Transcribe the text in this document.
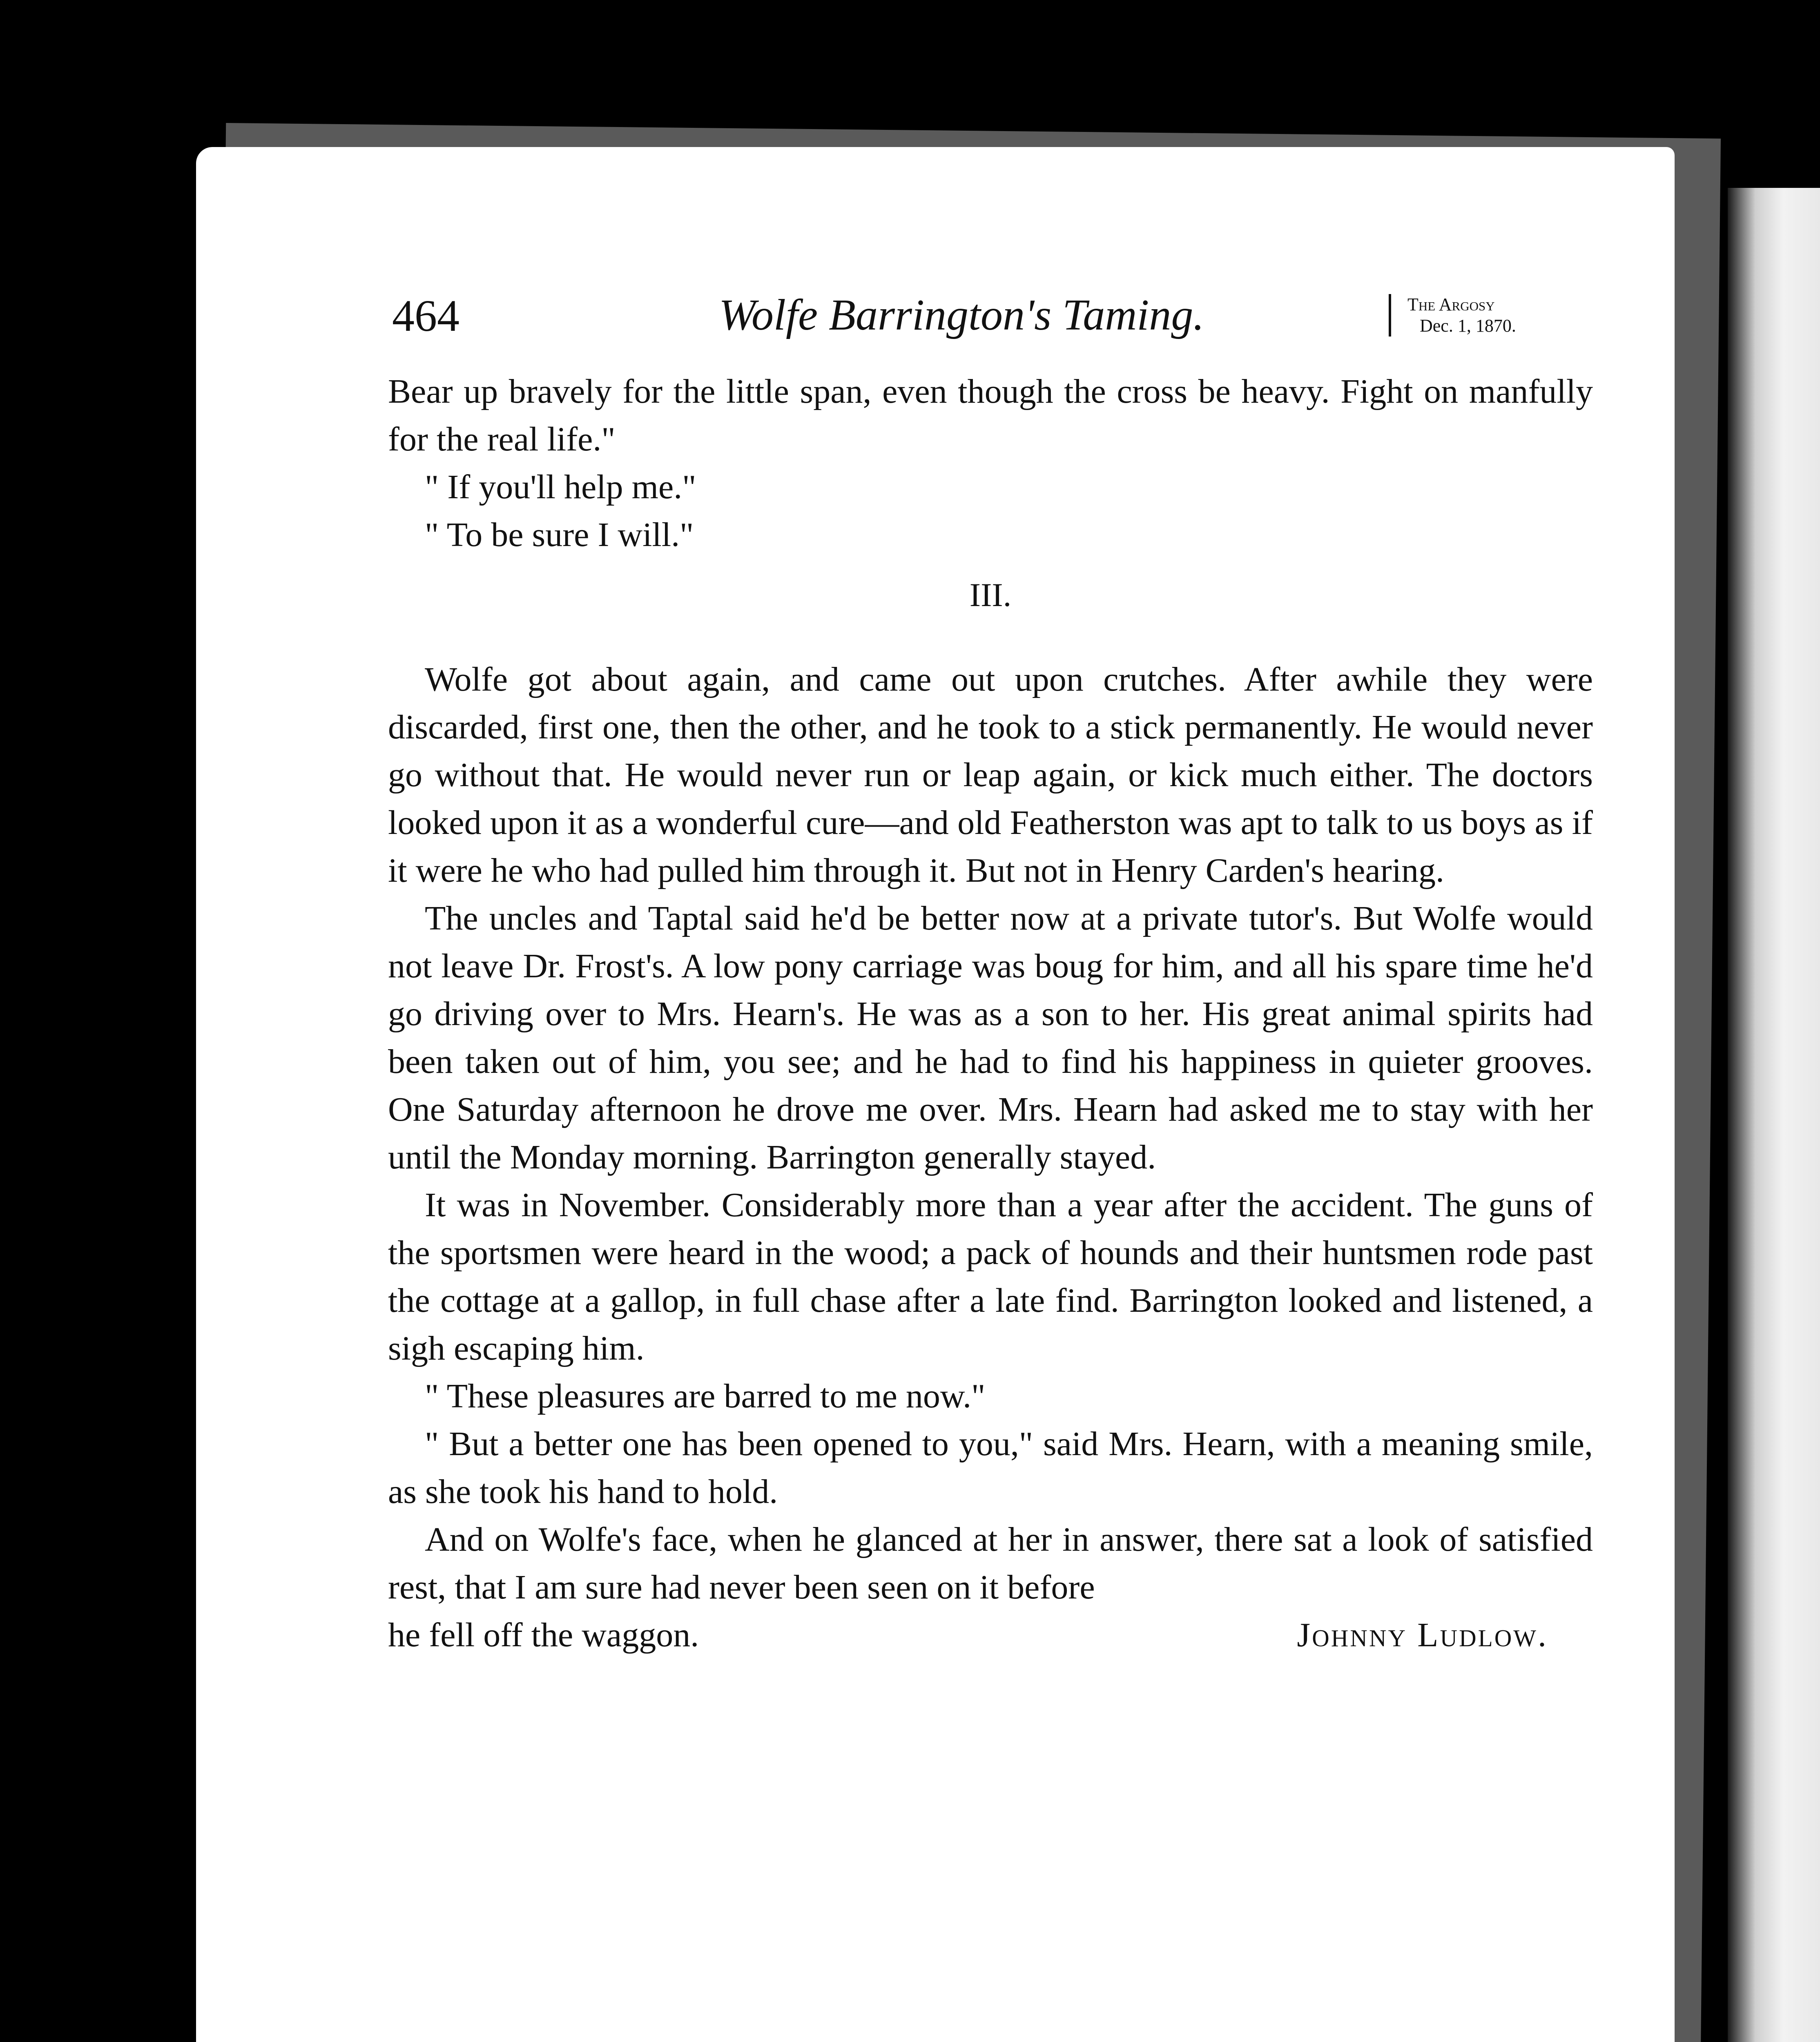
464	Wolfe Barrington's Taming.	The Argosy
Dec. 1, 1870.

Bear up bravely for the little span, even though the cross be heavy. Fight on manfully for the real life."

" If you'll help me."

" To be sure I will."

III.

Wolfe got about again, and came out upon crutches. After awhile they were discarded, first one, then the other, and he took to a stick permanently. He would never go without that. He would never run or leap again, or kick much either. The doctors looked upon it as a wonderful cure—and old Featherston was apt to talk to us boys as if it were he who had pulled him through it. But not in Henry Carden's hearing.

The uncles and Taptal said he'd be better now at a private tutor's. But Wolfe would not leave Dr. Frost's. A low pony carriage was boug for him, and all his spare time he'd go driving over to Mrs. Hearn's. He was as a son to her. His great animal spirits had been taken out of him, you see; and he had to find his happiness in quieter grooves. One Saturday afternoon he drove me over. Mrs. Hearn had asked me to stay with her until the Monday morning. Barrington generally stayed.

It was in November. Considerably more than a year after the accident. The guns of the sportsmen were heard in the wood; a pack of hounds and their huntsmen rode past the cottage at a gallop, in full chase after a late find. Barrington looked and listened, a sigh escaping him.

" These pleasures are barred to me now."

" But a better one has been opened to you," said Mrs. Hearn, with a meaning smile, as she took his hand to hold.

And on Wolfe's face, when he glanced at her in answer, there sat a look of satisfied rest, that I am sure had never been seen on it before

he fell off the waggon.	Johnny Ludlow.
